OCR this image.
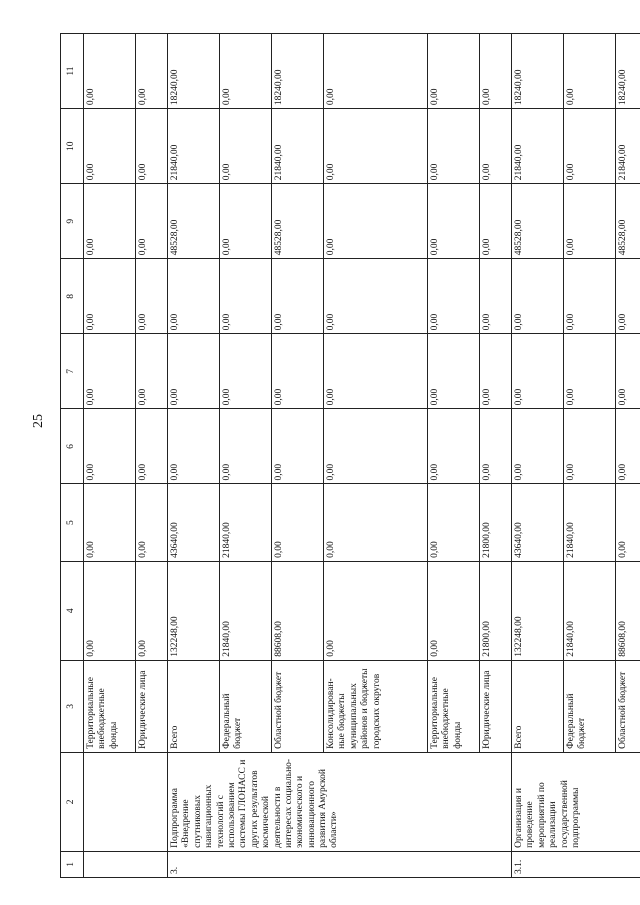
25
1	2	3	4	5	6	7	8	9	10	11
		Территориальные внебюджетные фонды	0,00	0,00	0,00	0,00	0,00	0,00	0,00	0,00
		Юридические лица	0,00	0,00	0,00	0,00	0,00	0,00	0,00	0,00
3.	Подпрограмма «Внедрение спутниковых навигационных технологий с использованием системы ГЛОНАСС и других результатов космической деятельности в интересах социально-экономического и инновационного развития Амурской области»	Всего	132248,00	43640,00	0,00	0,00	0,00	48528,00	21840,00	18240,00
		Федеральный бюджет	21840,00	21840,00	0,00	0,00	0,00	0,00	0,00	0,00
		Областной бюджет	88608,00	0,00	0,00	0,00	0,00	48528,00	21840,00	18240,00
		Консолидирован-ные бюджеты муниципальных районов и бюджеты городских округов	0,00	0,00	0,00	0,00	0,00	0,00	0,00	0,00
		Территориальные внебюджетные фонды	0,00	0,00	0,00	0,00	0,00	0,00	0,00	0,00
		Юридические лица	21800,00	21800,00	0,00	0,00	0,00	0,00	0,00	0,00
3.1.	Организация и проведение мероприятий по реализации государственной подпрограммы	Всего	132248,00	43640,00	0,00	0,00	0,00	48528,00	21840,00	18240,00
		Федеральный бюджет	21840,00	21840,00	0,00	0,00	0,00	0,00	0,00	0,00
		Областной бюджет	88608,00	0,00	0,00	0,00	0,00	48528,00	21840,00	18240,00
